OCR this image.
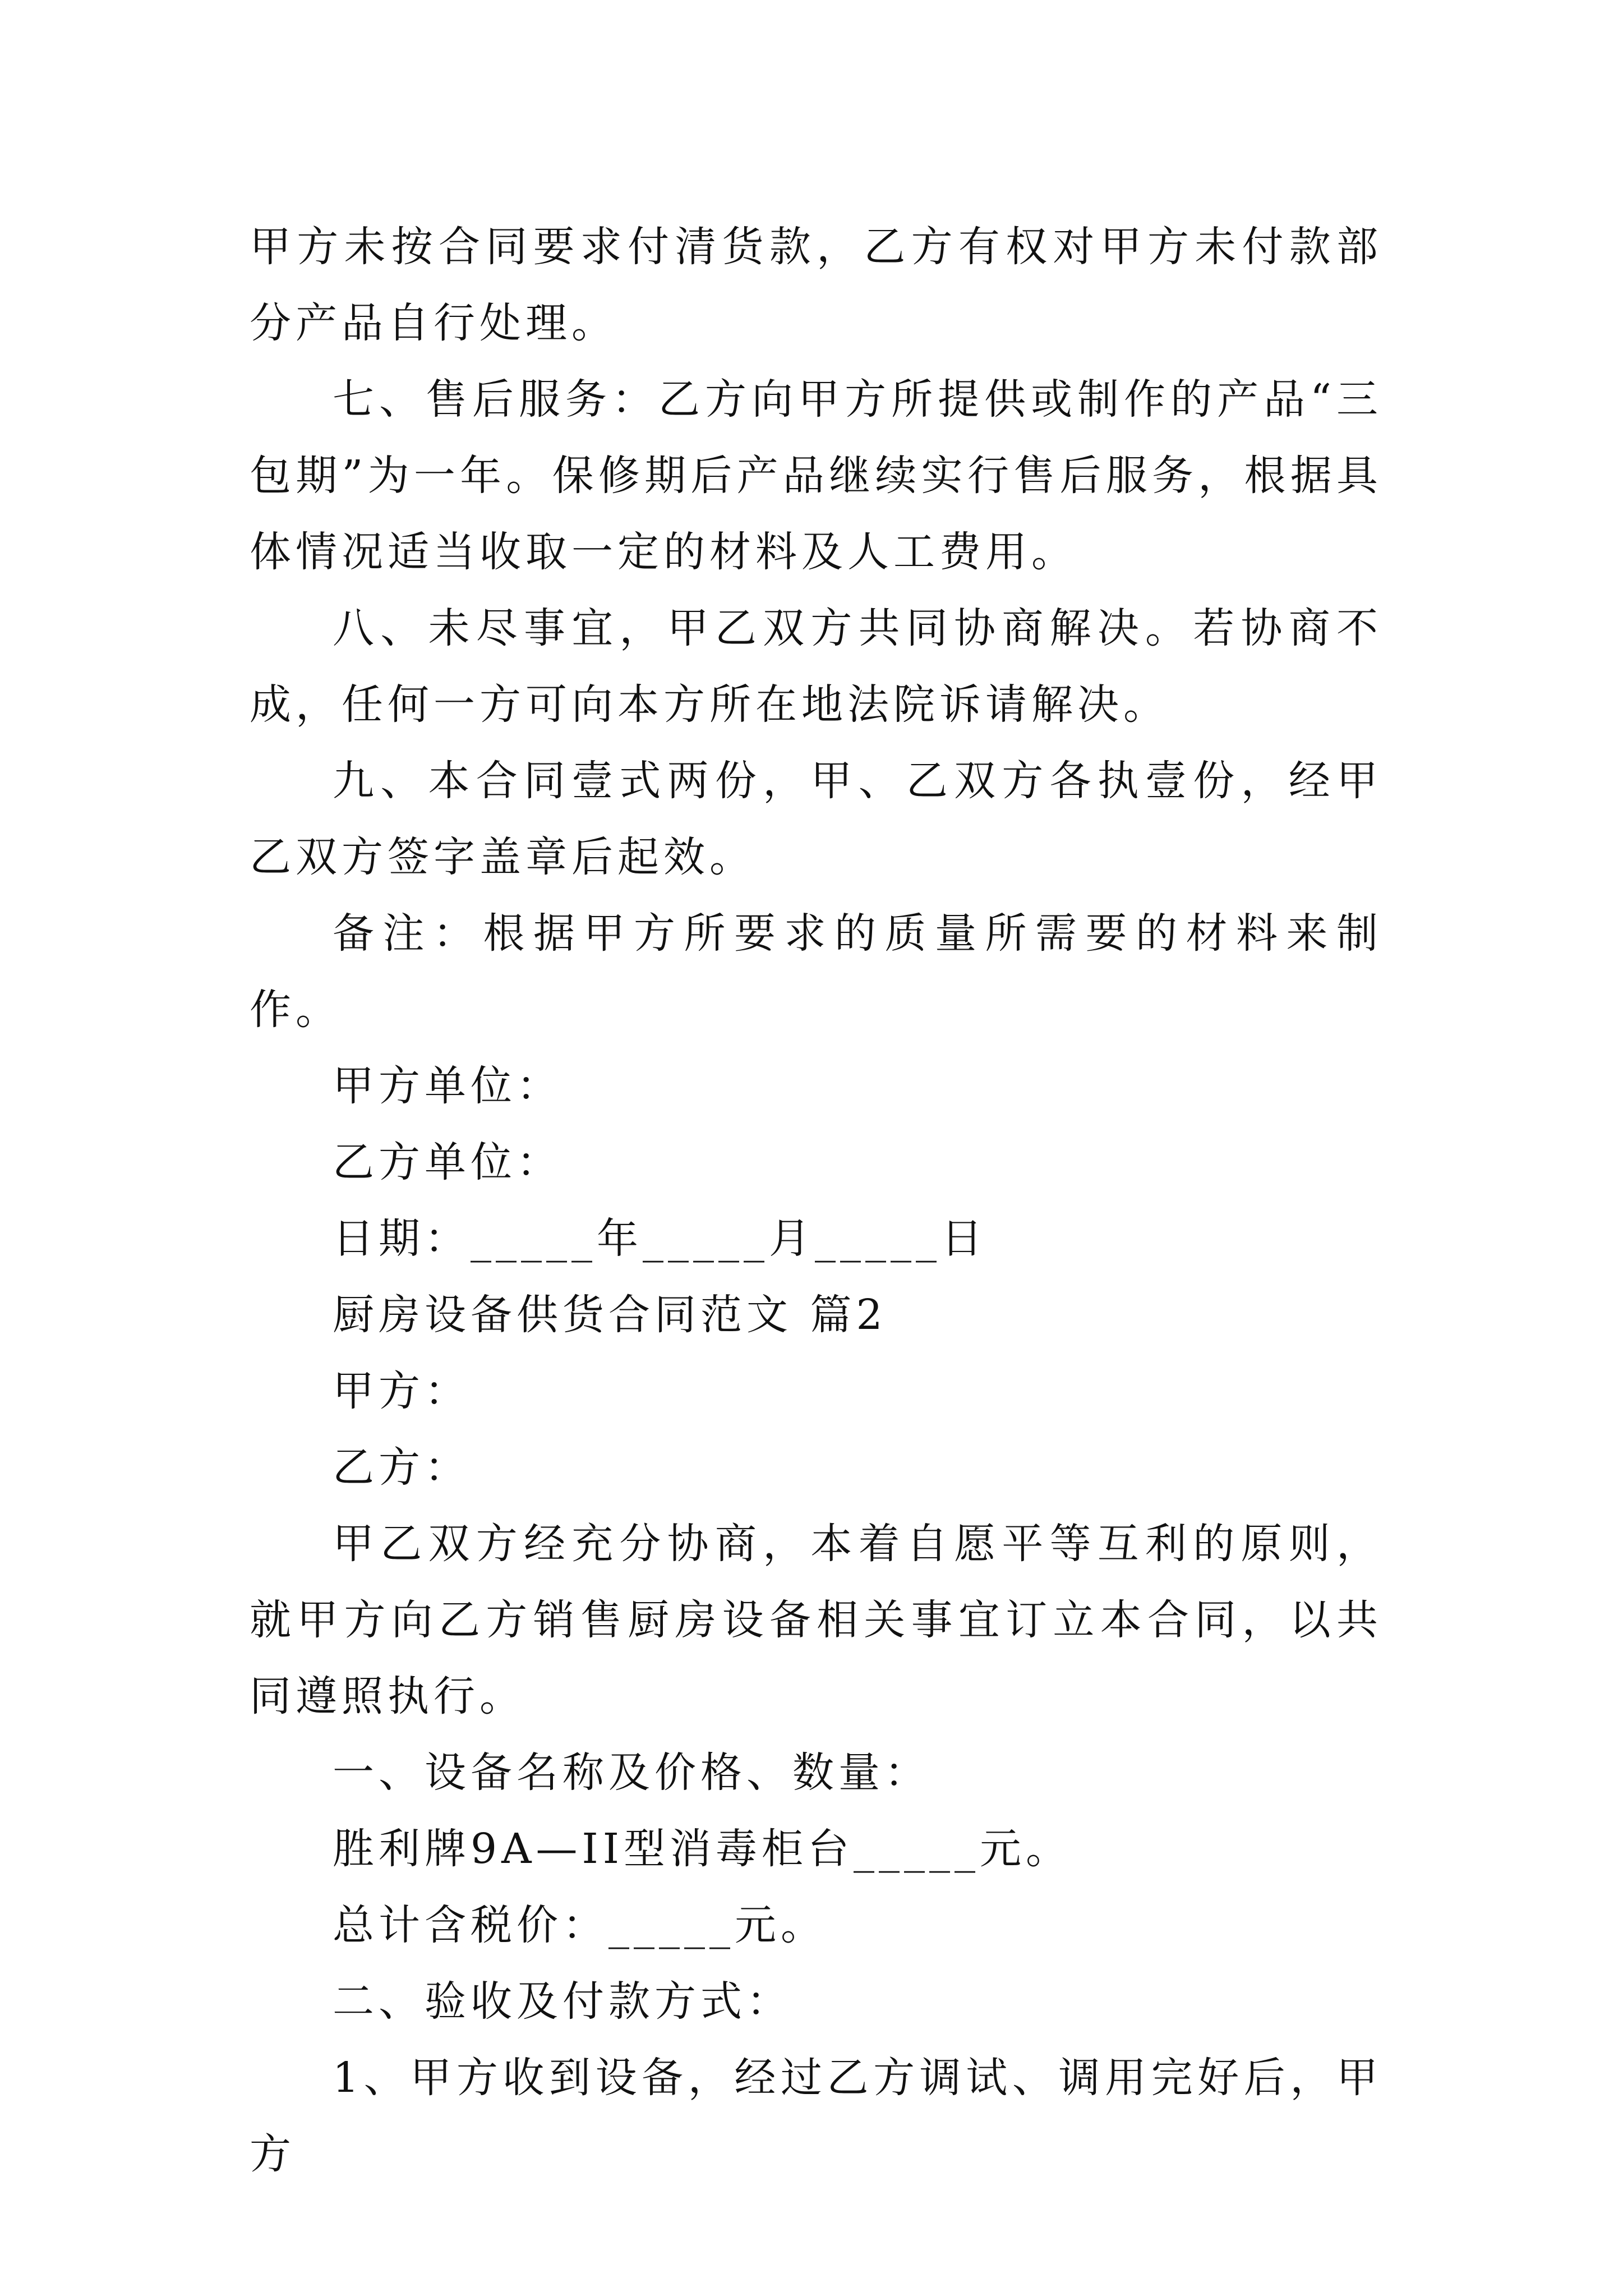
甲方未按合同要求付清货款，乙方有权对甲方未付款部分产品自行处理。

七、售后服务：乙方向甲方所提供或制作的产品“三包期”为一年。保修期后产品继续实行售后服务，根据具体情况适当收取一定的材料及人工费用。

八、未尽事宜，甲乙双方共同协商解决。若协商不成，任何一方可向本方所在地法院诉请解决。

九、本合同壹式两份，甲、乙双方各执壹份，经甲乙双方签字盖章后起效。

备注：根据甲方所要求的质量所需要的材料来制作。

甲方单位：

乙方单位：

日期：_____年_____月_____日

厨房设备供货合同范文 篇2

甲方：

乙方：

甲乙双方经充分协商，本着自愿平等互利的原则，就甲方向乙方销售厨房设备相关事宜订立本合同，以共同遵照执行。

一、设备名称及价格、数量：

胜利牌9A—II型消毒柜台_____元。

总计含税价：_____元。

二、验收及付款方式：

1、甲方收到设备，经过乙方调试、调用完好后，甲方
